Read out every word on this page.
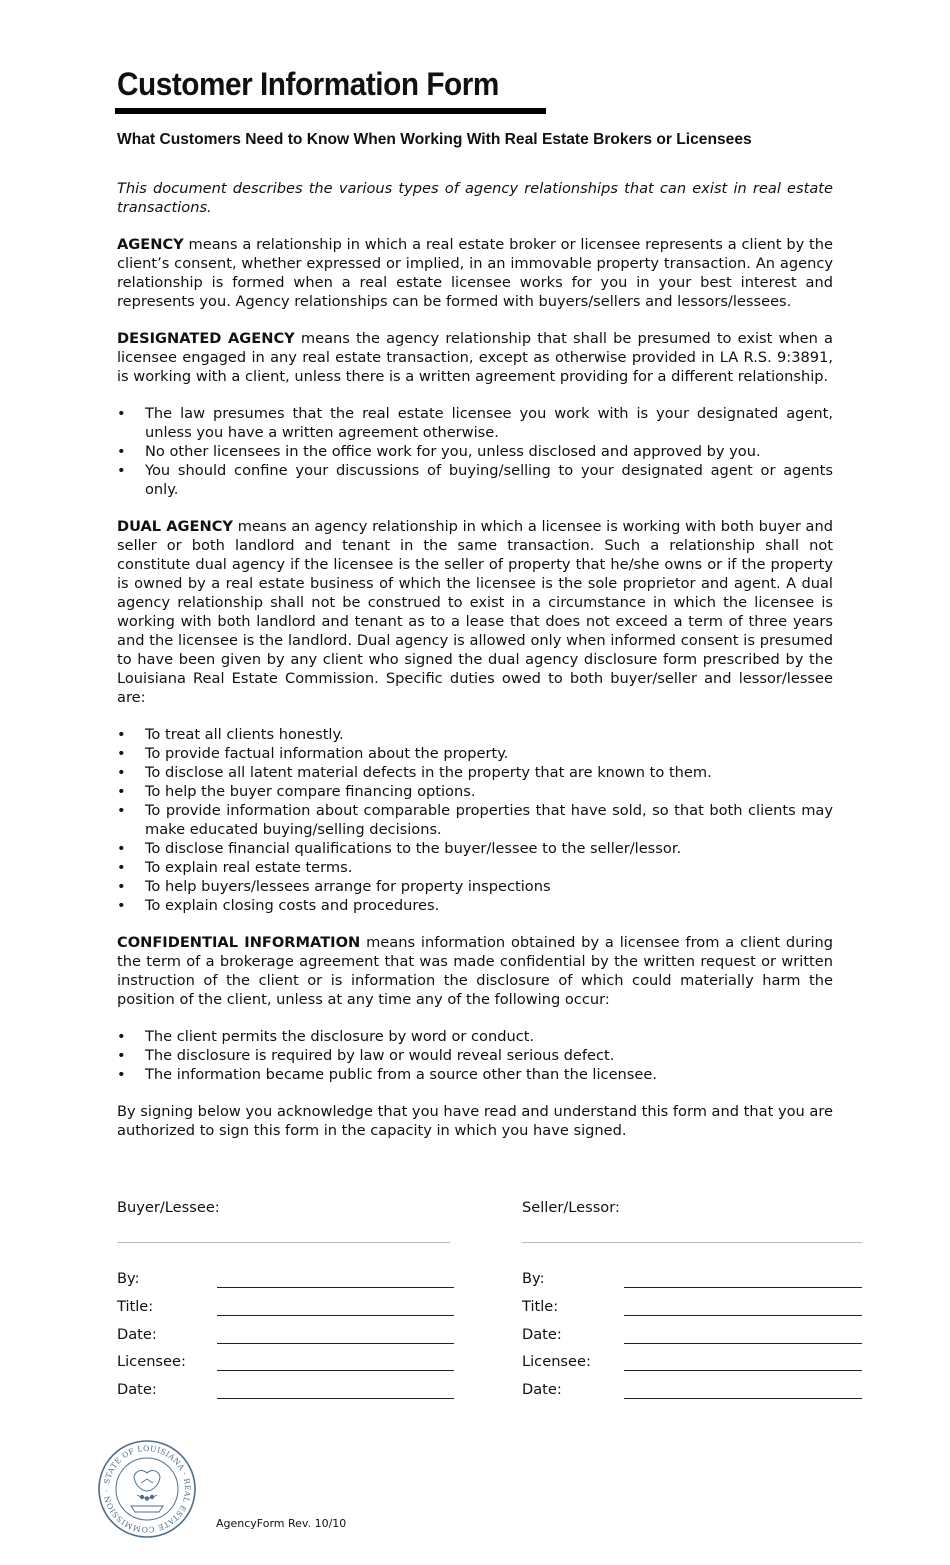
Customer Information Form
What Customers Need to Know When Working With Real Estate Brokers or Licensees

This document describes the various types of agency relationships that can exist in real estate transactions.

AGENCY means a relationship in which a real estate broker or licensee represents a client by the client’s consent, whether expressed or implied, in an immovable property transaction. An agency relationship is formed when a real estate licensee works for you in your best interest and represents you. Agency relationships can be formed with buyers/sellers and lessors/lessees.

DESIGNATED AGENCY means the agency relationship that shall be presumed to exist when a licensee engaged in any real estate transaction, except as otherwise provided in LA R.S. 9:3891, is working with a client, unless there is a written agreement providing for a different relationship.

• The law presumes that the real estate licensee you work with is your designated agent, unless you have a written agreement otherwise.
• No other licensees in the office work for you, unless disclosed and approved by you.
• You should confine your discussions of buying/selling to your designated agent or agents only.

DUAL AGENCY means an agency relationship in which a licensee is working with both buyer and seller or both landlord and tenant in the same transaction. Such a relationship shall not constitute dual agency if the licensee is the seller of property that he/she owns or if the property is owned by a real estate business of which the licensee is the sole proprietor and agent. A dual agency relationship shall not be construed to exist in a circumstance in which the licensee is working with both landlord and tenant as to a lease that does not exceed a term of three years and the licensee is the landlord. Dual agency is allowed only when informed consent is presumed to have been given by any client who signed the dual agency disclosure form prescribed by the Louisiana Real Estate Commission. Specific duties owed to both buyer/seller and lessor/lessee are:

• To treat all clients honestly.
• To provide factual information about the property.
• To disclose all latent material defects in the property that are known to them.
• To help the buyer compare financing options.
• To provide information about comparable properties that have sold, so that both clients may make educated buying/selling decisions.
• To disclose financial qualifications to the buyer/lessee to the seller/lessor.
• To explain real estate terms.
• To help buyers/lessees arrange for property inspections
• To explain closing costs and procedures.

CONFIDENTIAL INFORMATION means information obtained by a licensee from a client during the term of a brokerage agreement that was made confidential by the written request or written instruction of the client or is information the disclosure of which could materially harm the position of the client, unless at any time any of the following occur:

• The client permits the disclosure by word or conduct.
• The disclosure is required by law or would reveal serious defect.
• The information became public from a source other than the licensee.

By signing below you acknowledge that you have read and understand this form and that you are authorized to sign this form in the capacity in which you have signed.

Buyer/Lessee:
By:
Title:
Date:
Licensee:
Date:
Seller/Lessor:
By:
Title:
Date:
Licensee:
Date:
STATE OF LOUISIANA · REAL ESTATE COMMISSION ·
AgencyForm Rev. 10/10
